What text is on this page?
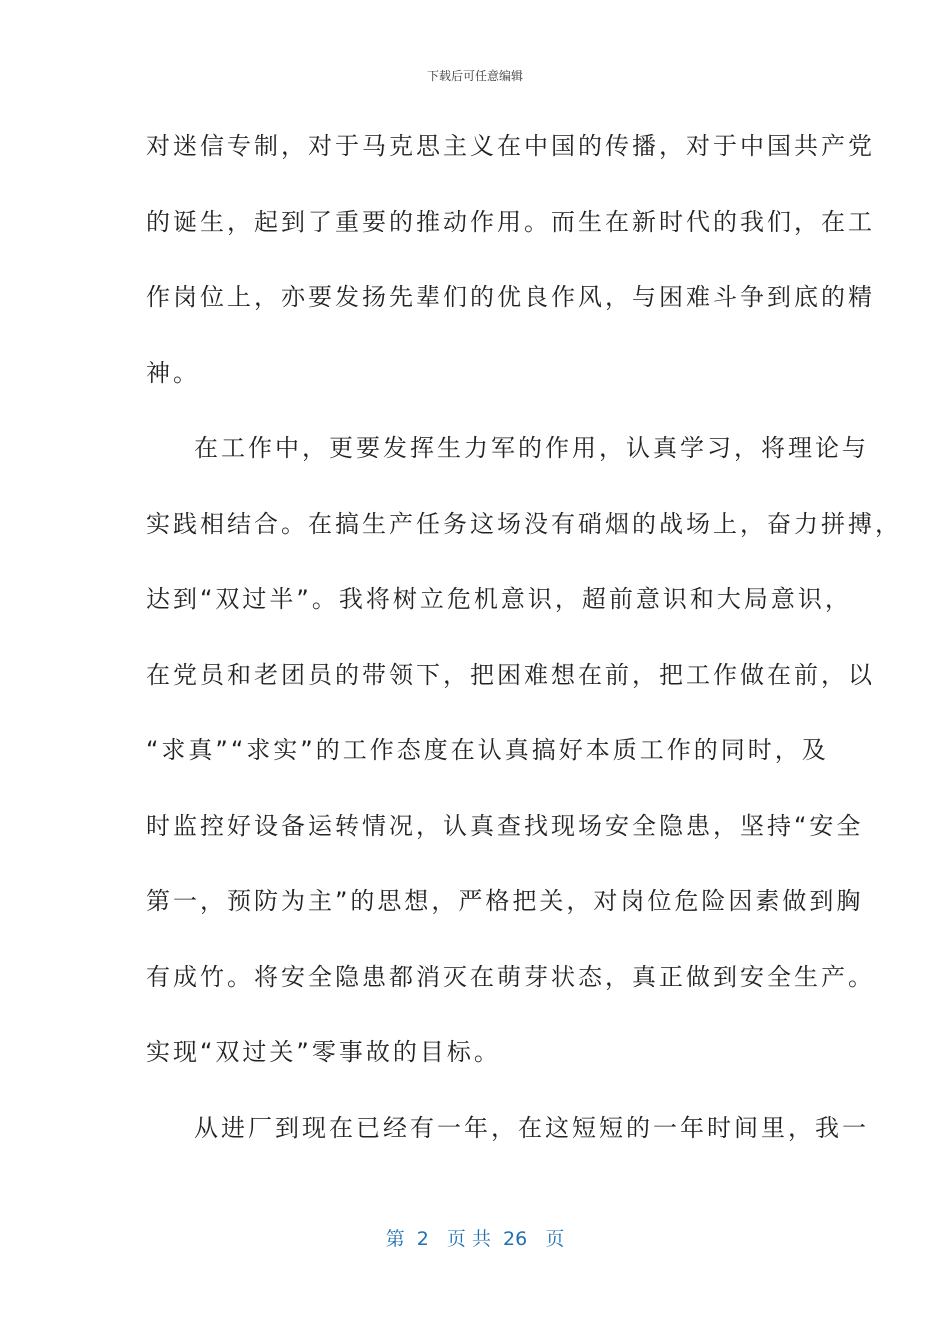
下载后可任意编辑
对迷信专制，对于马克思主义在中国的传播，对于中国共产党
的诞生，起到了重要的推动作用。而生在新时代的我们，在工
作岗位上，亦要发扬先辈们的优良作风，与困难斗争到底的精
神。
在工作中，更要发挥生力军的作用，认真学习，将理论与
实践相结合。在搞生产任务这场没有硝烟的战场上，奋力拼搏，
达到“双过半”。我将树立危机意识，超前意识和大局意识，
在党员和老团员的带领下，把困难想在前，把工作做在前，以
“求真”“求实”的工作态度在认真搞好本质工作的同时，及
时监控好设备运转情况，认真查找现场安全隐患，坚持“安全
第一，预防为主”的思想，严格把关，对岗位危险因素做到胸
有成竹。将安全隐患都消灭在萌芽状态，真正做到安全生产。
实现“双过关”零事故的目标。
从进厂到现在已经有一年，在这短短的一年时间里，我一
第  2   页 共  26   页
